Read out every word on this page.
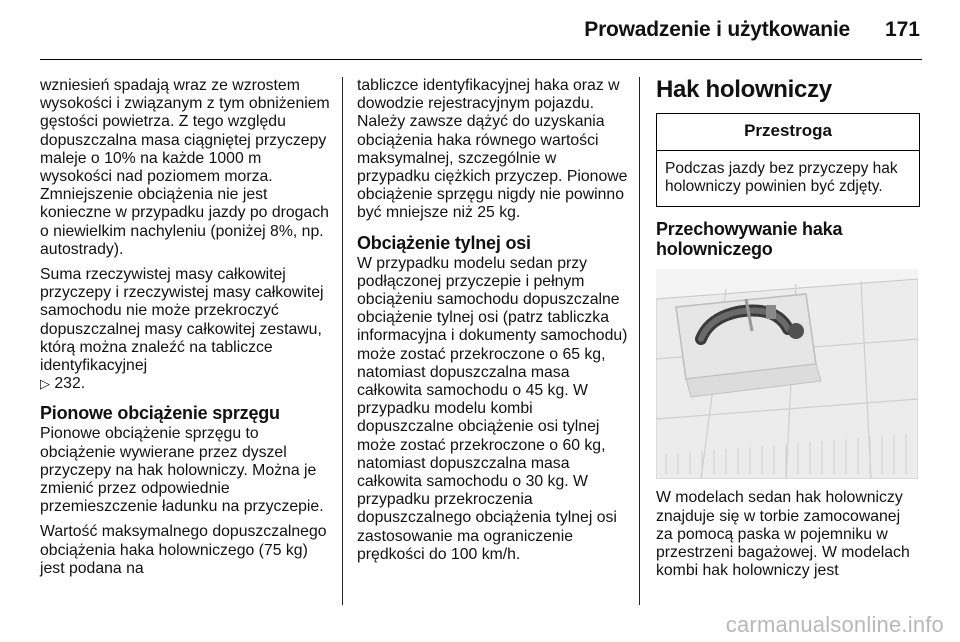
Prowadzenie i użytkowanie	171

wzniesień spadają wraz ze wzrostem wysokości i związanym z tym obniżeniem gęstości powietrza. Z tego względu dopuszczalna masa ciągniętej przyczepy maleje o 10% na każde 1000 m wysokości nad poziomem morza. Zmniejszenie obciążenia nie jest konieczne w przypadku jazdy po drogach o niewielkim nachyleniu (poniżej 8%, np. autostrady).

Suma rzeczywistej masy całkowitej przyczepy i rzeczywistej masy całkowitej samochodu nie może przekroczyć dopuszczalnej masy całkowitej zestawu, którą można znaleźć na tabliczce identyfikacyjnej
▷ 232.

Pionowe obciążenie sprzęgu

Pionowe obciążenie sprzęgu to obciążenie wywierane przez dyszel przyczepy na hak holowniczy. Można je zmienić przez odpowiednie przemieszczenie ładunku na przyczepie.

Wartość maksymalnego dopuszczalnego obciążenia haka holowniczego (75 kg) jest podana na

tabliczce identyfikacyjnej haka oraz w dowodzie rejestracyjnym pojazdu. Należy zawsze dążyć do uzyskania obciążenia haka równego wartości maksymalnej, szczególnie w przypadku ciężkich przyczep. Pionowe obciążenie sprzęgu nigdy nie powinno być mniejsze niż 25 kg.

Obciążenie tylnej osi

W przypadku modelu sedan przy podłączonej przyczepie i pełnym obciążeniu samochodu dopuszczalne obciążenie tylnej osi (patrz tabliczka informacyjna i dokumenty samochodu) może zostać przekroczone o 65 kg, natomiast dopuszczalna masa całkowita samochodu o 45 kg. W przypadku modelu kombi dopuszczalne obciążenie osi tylnej może zostać przekroczone o 60 kg, natomiast dopuszczalna masa całkowita samochodu o 30 kg. W przypadku przekroczenia dopuszczalnego obciążenia tylnej osi zastosowanie ma ograniczenie prędkości do 100 km/h.

Hak holowniczy
Przestroga
Podczas jazdy bez przyczepy hak holowniczy powinien być zdjęty.
Przechowywanie haka holowniczego

W modelach sedan hak holowniczy znajduje się w torbie zamocowanej za pomocą paska w pojemniku w przestrzeni bagażowej. W modelach kombi hak holowniczy jest

carmanualsonline.info
